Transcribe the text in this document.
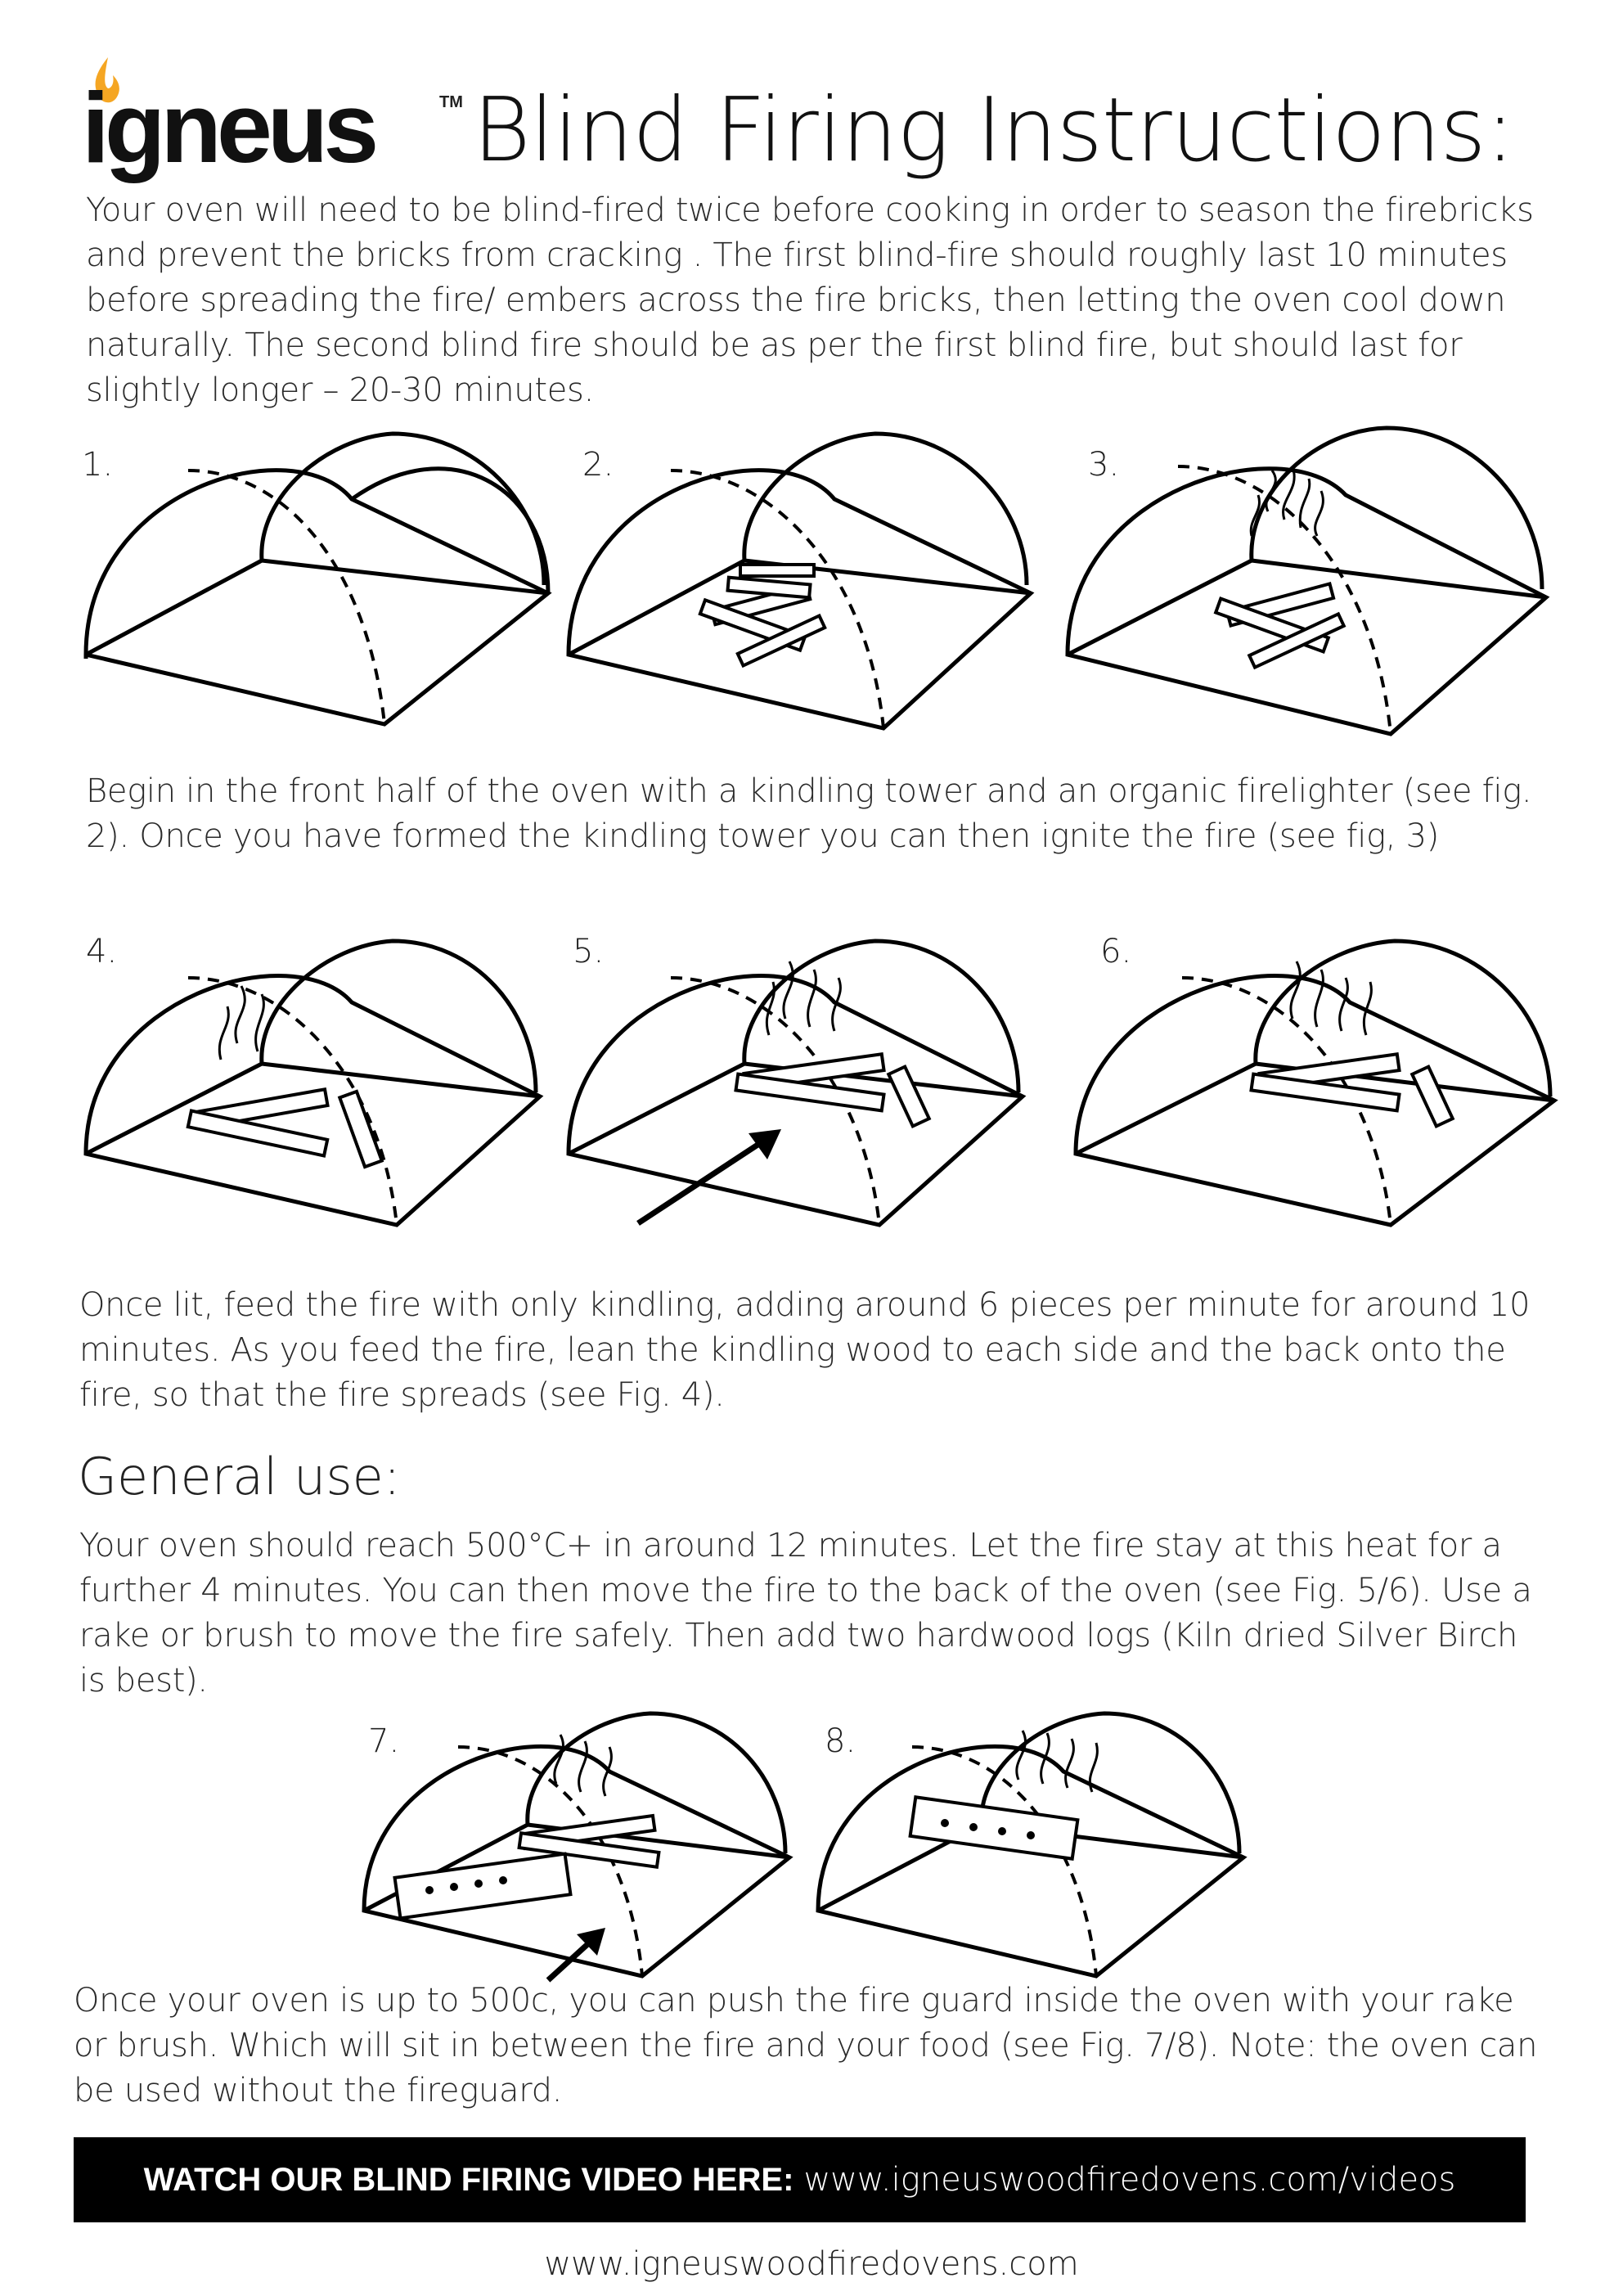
igneus	TM Blind Firing Instructions:
Your oven will need to be blind-fired twice before cooking in order to season the firebricks and prevent the bricks from cracking . The first blind-fire should roughly last 10 minutes before spreading the fire/ embers across the fire bricks, then letting the oven cool down naturally. The second blind fire should be as per the first blind fire, but should last for slightly longer – 20-30 minutes.
1.	2.	3.
Begin in the front half of the oven with a kindling tower and an organic firelighter (see fig. 2). Once you have formed the kindling tower you can then ignite the fire (see fig, 3)
4.	5.	6.
Once lit, feed the fire with only kindling, adding around 6 pieces per minute for around 10 minutes. As you feed the fire, lean the kindling wood to each side and the back onto the fire, so that the fire spreads (see Fig. 4).
General use:
Your oven should reach 500°C+ in around 12 minutes. Let the fire stay at this heat for a further 4 minutes. You can then move the fire to the back of the oven (see Fig. 5/6). Use a rake or brush to move the fire safely. Then add two hardwood logs (Kiln dried Silver Birch is best).
7.	8.
Once your oven is up to 500c, you can push the fire guard inside the oven with your rake or brush. Which will sit in between the fire and your food (see Fig. 7/8). Note: the oven can be used without the fireguard.
WATCH OUR BLIND FIRING VIDEO HERE: www.igneuswoodfiredovens.com/videos
www.igneuswoodfiredovens.com
